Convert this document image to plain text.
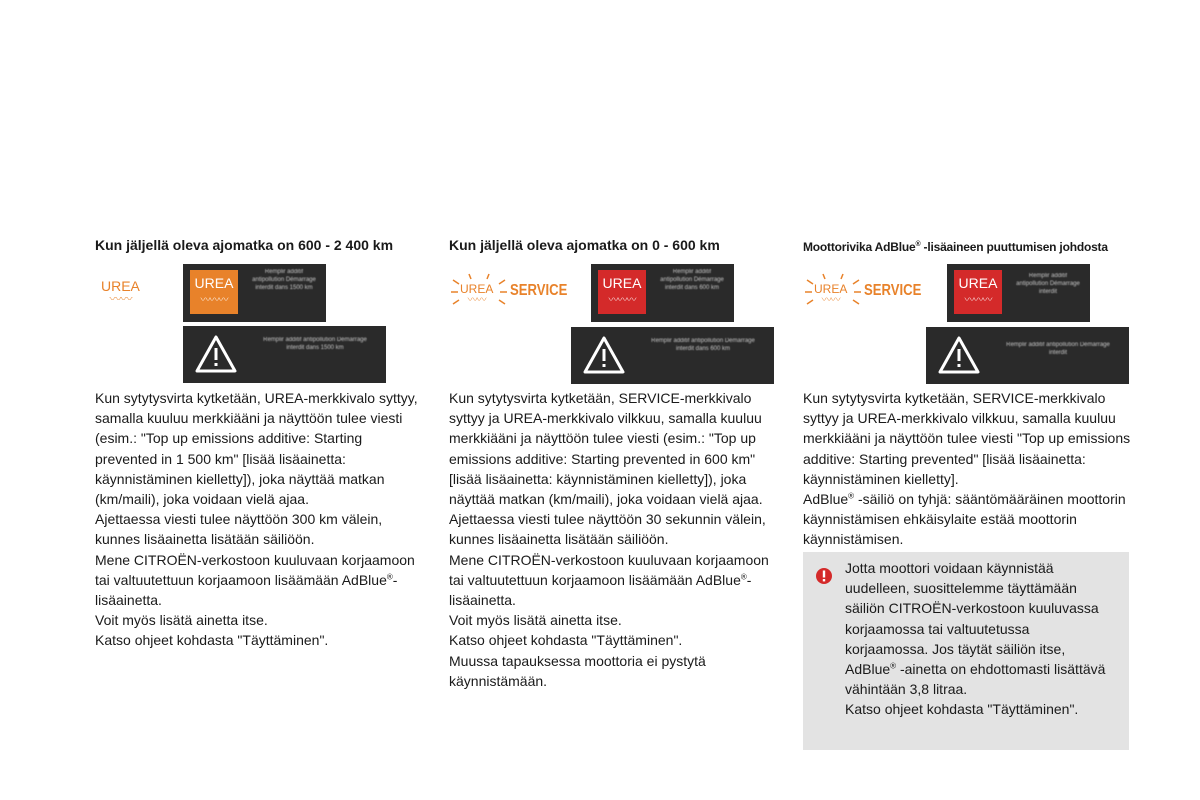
Kun jäljellä oleva ajomatka on 600 - 2 400 km
UREA
〰〰
UREA
〰〰〰
Remplir additif antipollution Démarrage interdit dans 1500 km
Remplir additif antipollution Démarrage interdit dans 1500 km

Kun sytytysvirta kytketään, UREA-merkkivalo syttyy, samalla kuuluu merkkiääni ja näyttöön tulee viesti (esim.: "Top up emissions additive: Starting prevented in 1 500 km" [lisää lisäainetta: käynnistäminen kielletty]), joka näyttää matkan (km/maili), joka voidaan vielä ajaa.

Ajettaessa viesti tulee näyttöön 300 km välein, kunnes lisäainetta lisätään säiliöön.

Mene CITROËN-verkostoon kuuluvaan korjaamoon tai valtuutettuun korjaamoon lisäämään AdBlue®-lisäainetta.

Voit myös lisätä ainetta itse.

Katso ohjeet kohdasta "Täyttäminen".

Kun jäljellä oleva ajomatka on 0 - 600 km
UREA
〰〰
SERVICE	UREA
〰〰〰
Remplir additif antipollution Démarrage interdit dans 600 km
Remplir additif antipollution Démarrage interdit dans 600 km

Kun sytytysvirta kytketään, SERVICE-merkkivalo syttyy ja UREA-merkkivalo vilkkuu, samalla kuuluu merkkiääni ja näyttöön tulee viesti (esim.: "Top up emissions additive: Starting prevented in 600 km" [lisää lisäainetta: käynnistäminen kielletty]), joka näyttää matkan (km/maili), joka voidaan vielä ajaa.

Ajettaessa viesti tulee näyttöön 30 sekunnin välein, kunnes lisäainetta lisätään säiliöön.

Mene CITROËN-verkostoon kuuluvaan korjaamoon tai valtuutettuun korjaamoon lisäämään AdBlue®-lisäainetta.

Voit myös lisätä ainetta itse.

Katso ohjeet kohdasta "Täyttäminen".

Muussa tapauksessa moottoria ei pystytä käynnistämään.

Moottorivika AdBlue® -lisäaineen puuttumisen johdosta
UREA
〰〰
SERVICE	UREA
〰〰〰
Remplir additif antipollution Démarrage interdit
Remplir additif antipollution Démarrage interdit

Kun sytytysvirta kytketään, SERVICE-merkkivalo syttyy ja UREA-merkkivalo vilkkuu, samalla kuuluu merkkiääni ja näyttöön tulee viesti "Top up emissions additive: Starting prevented" [lisää lisäainetta: käynnistäminen kielletty].

AdBlue® -säiliö on tyhjä: sääntömääräinen moottorin käynnistämisen ehkäisylaite estää moottorin käynnistämisen.

Jotta moottori voidaan käynnistää uudelleen, suosittelemme täyttämään säiliön CITROËN-verkostoon kuuluvassa korjaamossa tai valtuutetussa korjaamossa. Jos täytät säiliön itse, AdBlue® -ainetta on ehdottomasti lisättävä vähintään 3,8 litraa.

Katso ohjeet kohdasta "Täyttäminen".
